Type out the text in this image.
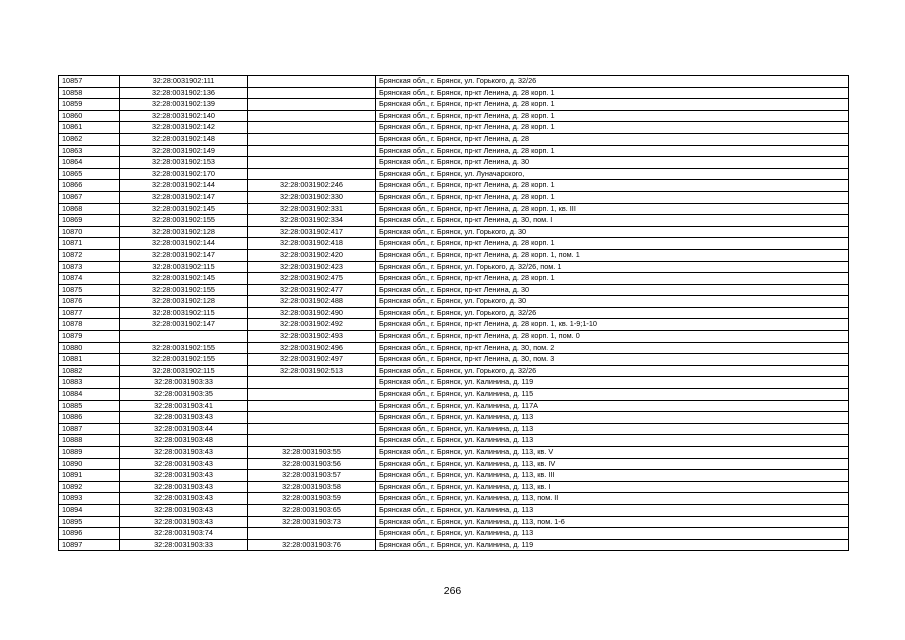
10857	32:28:0031902:111		Брянская обл., г. Брянск, ул. Горького, д. 32/26
10858	32:28:0031902:136		Брянская обл., г. Брянск, пр-кт Ленина, д. 28 корп. 1
10859	32:28:0031902:139		Брянская обл., г. Брянск, пр-кт Ленина, д. 28 корп. 1
10860	32:28:0031902:140		Брянская обл., г. Брянск, пр-кт Ленина, д. 28 корп. 1
10861	32:28:0031902:142		Брянская обл., г. Брянск, пр-кт Ленина, д. 28 корп. 1
10862	32:28:0031902:148		Брянская обл., г. Брянск, пр-кт Ленина, д. 28
10863	32:28:0031902:149		Брянская обл., г. Брянск, пр-кт Ленина, д. 28 корп. 1
10864	32:28:0031902:153		Брянская обл., г. Брянск, пр-кт Ленина, д. 30
10865	32:28:0031902:170		Брянская обл., г. Брянск, ул. Луначарского,
10866	32:28:0031902:144	32:28:0031902:246	Брянская обл., г. Брянск, пр-кт Ленина, д. 28 корп. 1
10867	32:28:0031902:147	32:28:0031902:330	Брянская обл., г. Брянск, пр-кт Ленина, д. 28 корп. 1
10868	32:28:0031902:145	32:28:0031902:331	Брянская обл., г. Брянск, пр-кт Ленина, д. 28 корп. 1, кв. III
10869	32:28:0031902:155	32:28:0031902:334	Брянская обл., г. Брянск, пр-кт Ленина, д. 30, пом. I
10870	32:28:0031902:128	32:28:0031902:417	Брянская обл., г. Брянск, ул. Горького, д. 30
10871	32:28:0031902:144	32:28:0031902:418	Брянская обл., г. Брянск, пр-кт Ленина, д. 28 корп. 1
10872	32:28:0031902:147	32:28:0031902:420	Брянская обл., г. Брянск, пр-кт Ленина, д. 28 корп. 1, пом. 1
10873	32:28:0031902:115	32:28:0031902:423	Брянская обл., г. Брянск, ул. Горького, д. 32/26, пом. 1
10874	32:28:0031902:145	32:28:0031902:475	Брянская обл., г. Брянск, пр-кт Ленина, д. 28 корп. 1
10875	32:28:0031902:155	32:28:0031902:477	Брянская обл., г. Брянск, пр-кт Ленина, д. 30
10876	32:28:0031902:128	32:28:0031902:488	Брянская обл., г. Брянск, ул. Горького, д. 30
10877	32:28:0031902:115	32:28:0031902:490	Брянская обл., г. Брянск, ул. Горького, д. 32/26
10878	32:28:0031902:147	32:28:0031902:492	Брянская обл., г. Брянск, пр-кт Ленина, д. 28 корп. 1, кв. 1-9;1-10
10879		32:28:0031902:493	Брянская обл., г. Брянск, пр-кт Ленина, д. 28 корп. 1, пом. 0
10880	32:28:0031902:155	32:28:0031902:496	Брянская обл., г. Брянск, пр-кт Ленина, д. 30, пом. 2
10881	32:28:0031902:155	32:28:0031902:497	Брянская обл., г. Брянск, пр-кт Ленина, д. 30, пом. 3
10882	32:28:0031902:115	32:28:0031902:513	Брянская обл., г. Брянск, ул. Горького, д. 32/26
10883	32:28:0031903:33		Брянская обл., г. Брянск, ул. Калинина, д. 119
10884	32:28:0031903:35		Брянская обл., г. Брянск, ул. Калинина, д. 115
10885	32:28:0031903:41		Брянская обл., г. Брянск, ул. Калинина, д. 117А
10886	32:28:0031903:43		Брянская обл., г. Брянск, ул. Калинина, д. 113
10887	32:28:0031903:44		Брянская обл., г. Брянск, ул. Калинина, д. 113
10888	32:28:0031903:48		Брянская обл., г. Брянск, ул. Калинина, д. 113
10889	32:28:0031903:43	32:28:0031903:55	Брянская обл., г. Брянск, ул. Калинина, д. 113, кв. V
10890	32:28:0031903:43	32:28:0031903:56	Брянская обл., г. Брянск, ул. Калинина, д. 113, кв. IV
10891	32:28:0031903:43	32:28:0031903:57	Брянская обл., г. Брянск, ул. Калинина, д. 113, кв. III
10892	32:28:0031903:43	32:28:0031903:58	Брянская обл., г. Брянск, ул. Калинина, д. 113, кв. I
10893	32:28:0031903:43	32:28:0031903:59	Брянская обл., г. Брянск, ул. Калинина, д. 113, пом. II
10894	32:28:0031903:43	32:28:0031903:65	Брянская обл., г. Брянск, ул. Калинина, д. 113
10895	32:28:0031903:43	32:28:0031903:73	Брянская обл., г. Брянск, ул. Калинина, д. 113, пом. 1-6
10896	32:28:0031903:74		Брянская обл., г. Брянск, ул. Калинина, д. 113
10897	32:28:0031903:33	32:28:0031903:76	Брянская обл., г. Брянск, ул. Калинина, д. 119
266
